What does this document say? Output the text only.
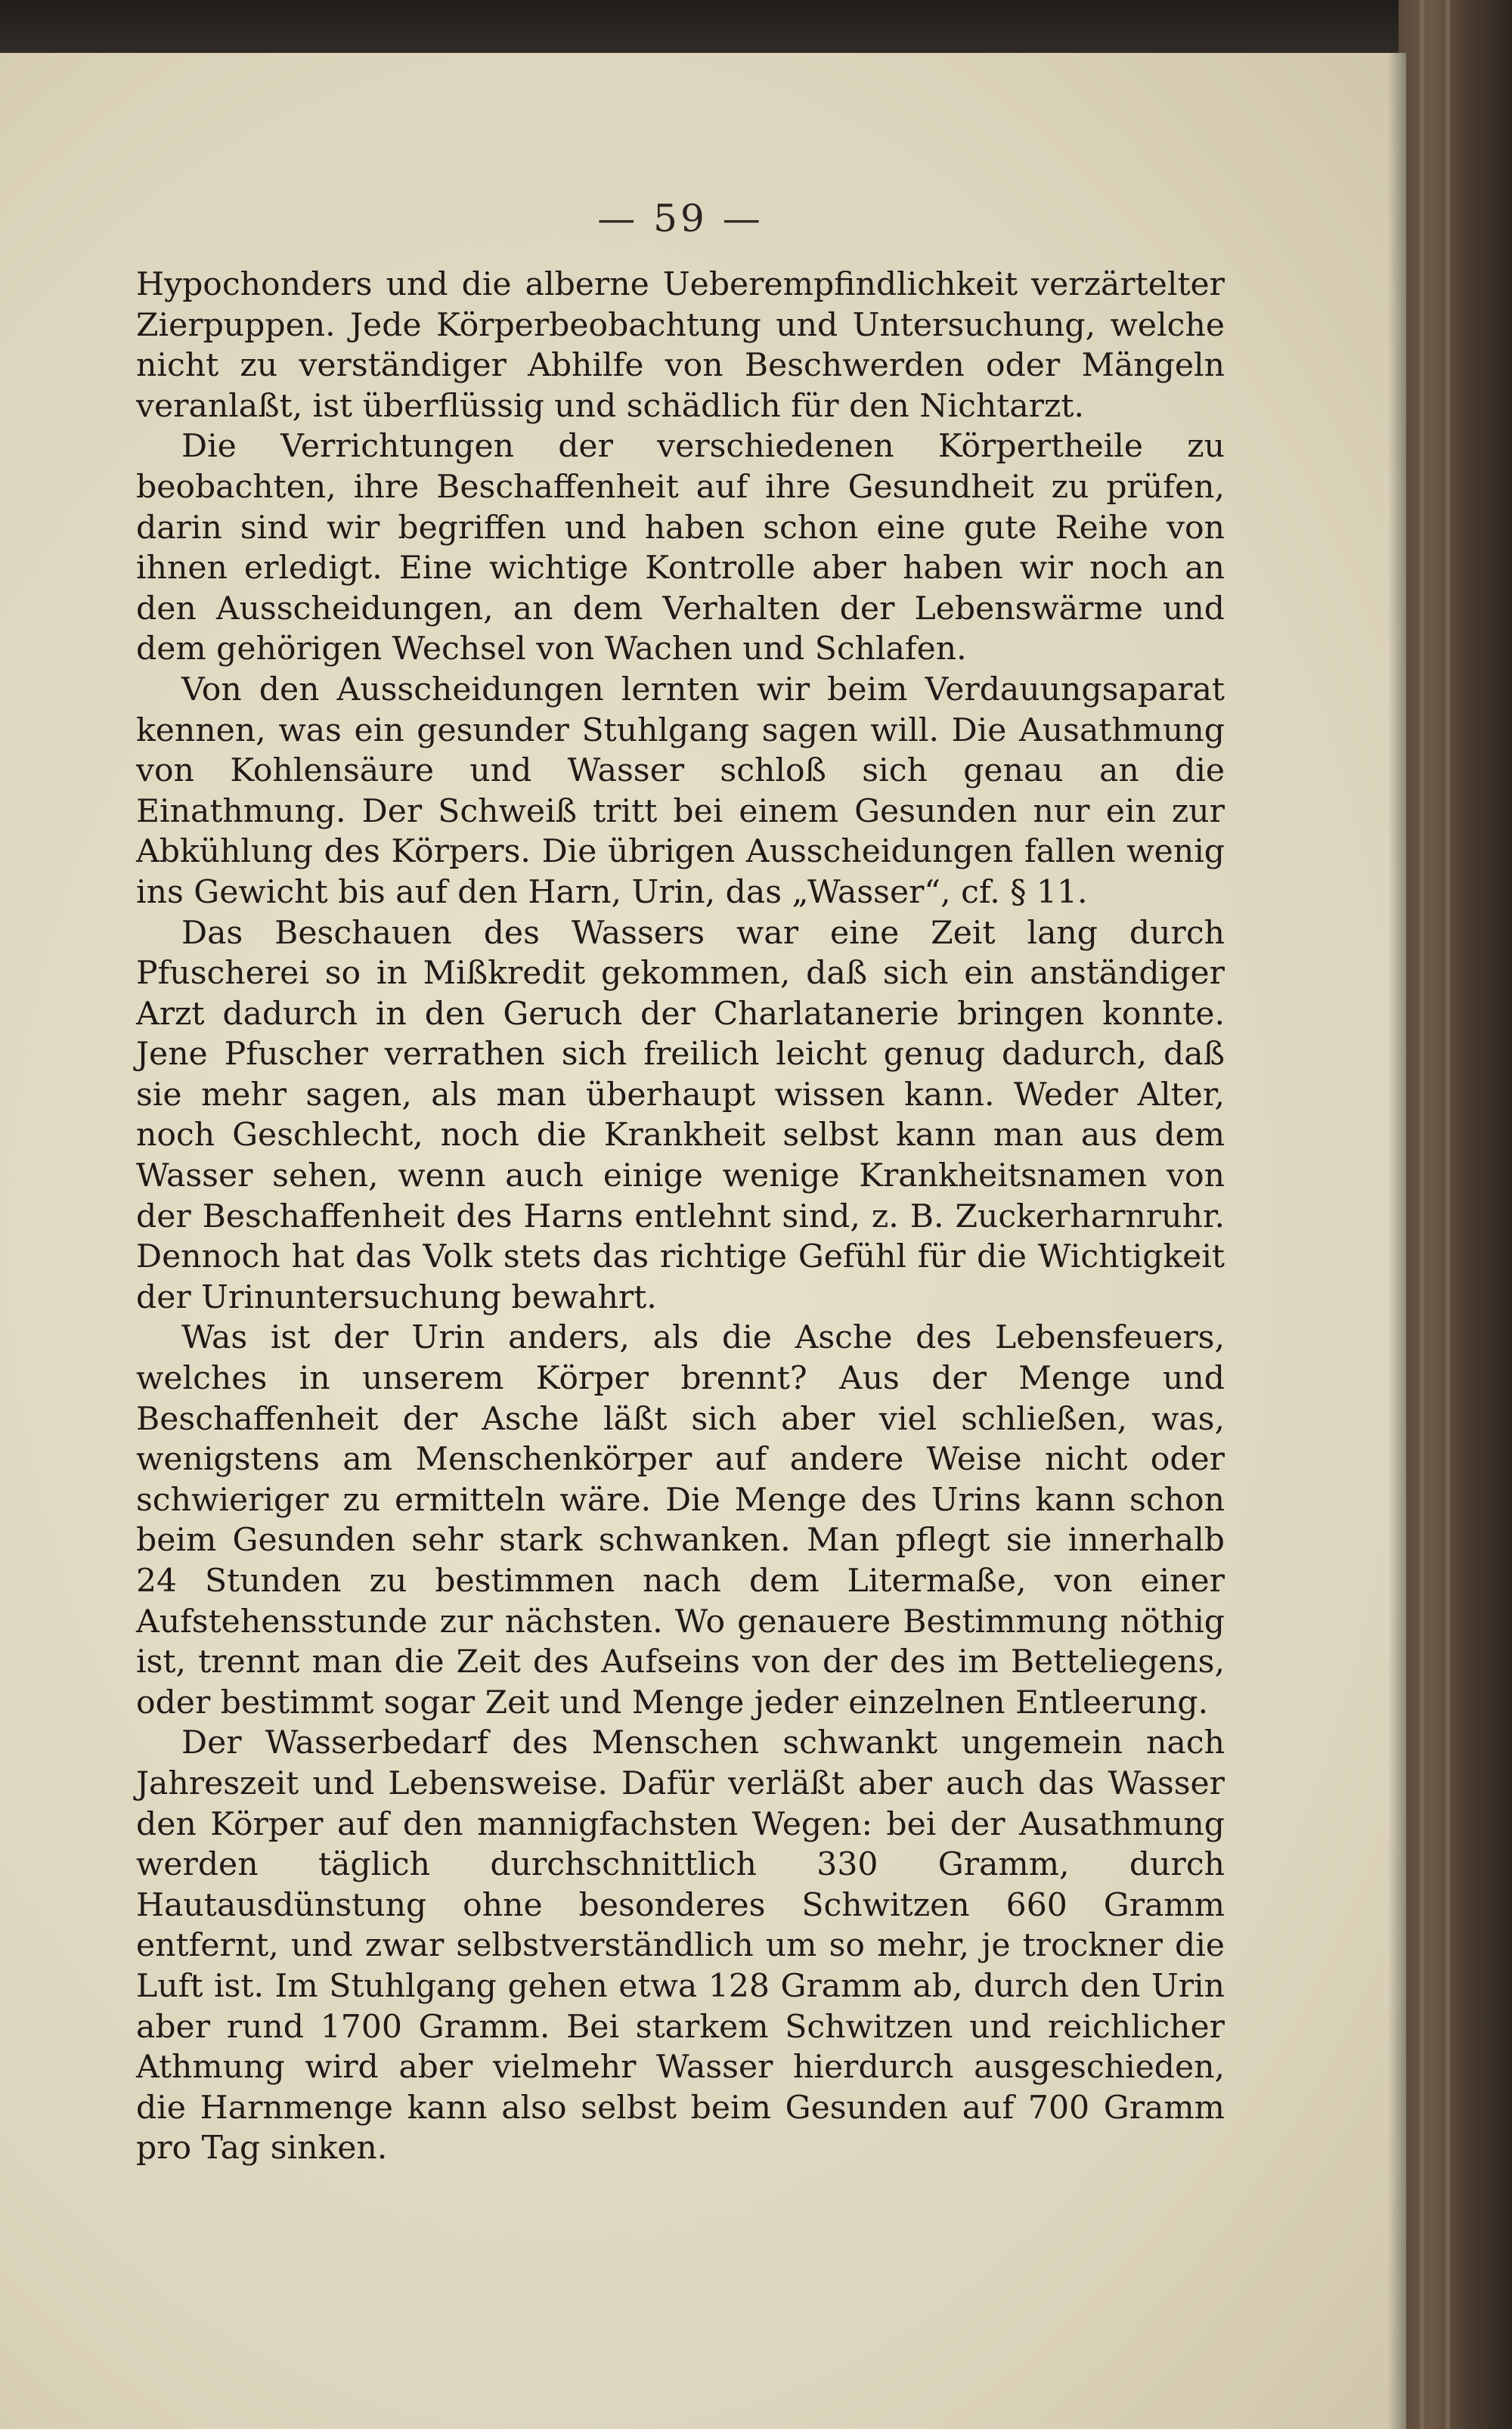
— 59 —

Hypochonders und die alberne Ueberempfindlichkeit verzärtelter Zierpuppen. Jede Körperbeobachtung und Untersuchung, welche nicht zu verständiger Abhilfe von Beschwerden oder Mängeln veranlaßt, ist überflüssig und schädlich für den Nichtarzt.

Die Verrichtungen der verschiedenen Körpertheile zu beobachten, ihre Beschaffenheit auf ihre Gesundheit zu prüfen, darin sind wir begriffen und haben schon eine gute Reihe von ihnen erledigt. Eine wichtige Kontrolle aber haben wir noch an den Ausscheidungen, an dem Verhalten der Lebenswärme und dem gehörigen Wechsel von Wachen und Schlafen.

Von den Ausscheidungen lernten wir beim Verdauungsaparat kennen, was ein gesunder Stuhlgang sagen will. Die Ausathmung von Kohlensäure und Wasser schloß sich genau an die Einathmung. Der Schweiß tritt bei einem Gesunden nur ein zur Abkühlung des Körpers. Die übrigen Ausscheidungen fallen wenig ins Gewicht bis auf den Harn, Urin, das „Wasser“, cf. § 11.

Das Beschauen des Wassers war eine Zeit lang durch Pfuscherei so in Mißkredit gekommen, daß sich ein anständiger Arzt dadurch in den Geruch der Charlatanerie bringen konnte. Jene Pfuscher verrathen sich freilich leicht genug dadurch, daß sie mehr sagen, als man überhaupt wissen kann. Weder Alter, noch Geschlecht, noch die Krankheit selbst kann man aus dem Wasser sehen, wenn auch einige wenige Krankheitsnamen von der Beschaffenheit des Harns entlehnt sind, z. B. Zuckerharnruhr. Dennoch hat das Volk stets das richtige Gefühl für die Wichtigkeit der Urinuntersuchung bewahrt.

Was ist der Urin anders, als die Asche des Lebensfeuers, welches in unserem Körper brennt? Aus der Menge und Beschaffenheit der Asche läßt sich aber viel schließen, was, wenigstens am Menschenkörper auf andere Weise nicht oder schwieriger zu ermitteln wäre. Die Menge des Urins kann schon beim Gesunden sehr stark schwanken. Man pflegt sie innerhalb 24 Stunden zu bestimmen nach dem Litermaße, von einer Aufstehensstunde zur nächsten. Wo genauere Bestimmung nöthig ist, trennt man die Zeit des Aufseins von der des im Betteliegens, oder bestimmt sogar Zeit und Menge jeder einzelnen Entleerung.

Der Wasserbedarf des Menschen schwankt ungemein nach Jahreszeit und Lebensweise. Dafür verläßt aber auch das Wasser den Körper auf den mannigfachsten Wegen: bei der Ausathmung werden täglich durchschnittlich 330 Gramm, durch Hautausdünstung ohne besonderes Schwitzen 660 Gramm entfernt, und zwar selbstverständlich um so mehr, je trockner die Luft ist. Im Stuhlgang gehen etwa 128 Gramm ab, durch den Urin aber rund 1700 Gramm. Bei starkem Schwitzen und reichlicher Athmung wird aber vielmehr Wasser hierdurch ausgeschieden, die Harnmenge kann also selbst beim Gesunden auf 700 Gramm pro Tag sinken.
